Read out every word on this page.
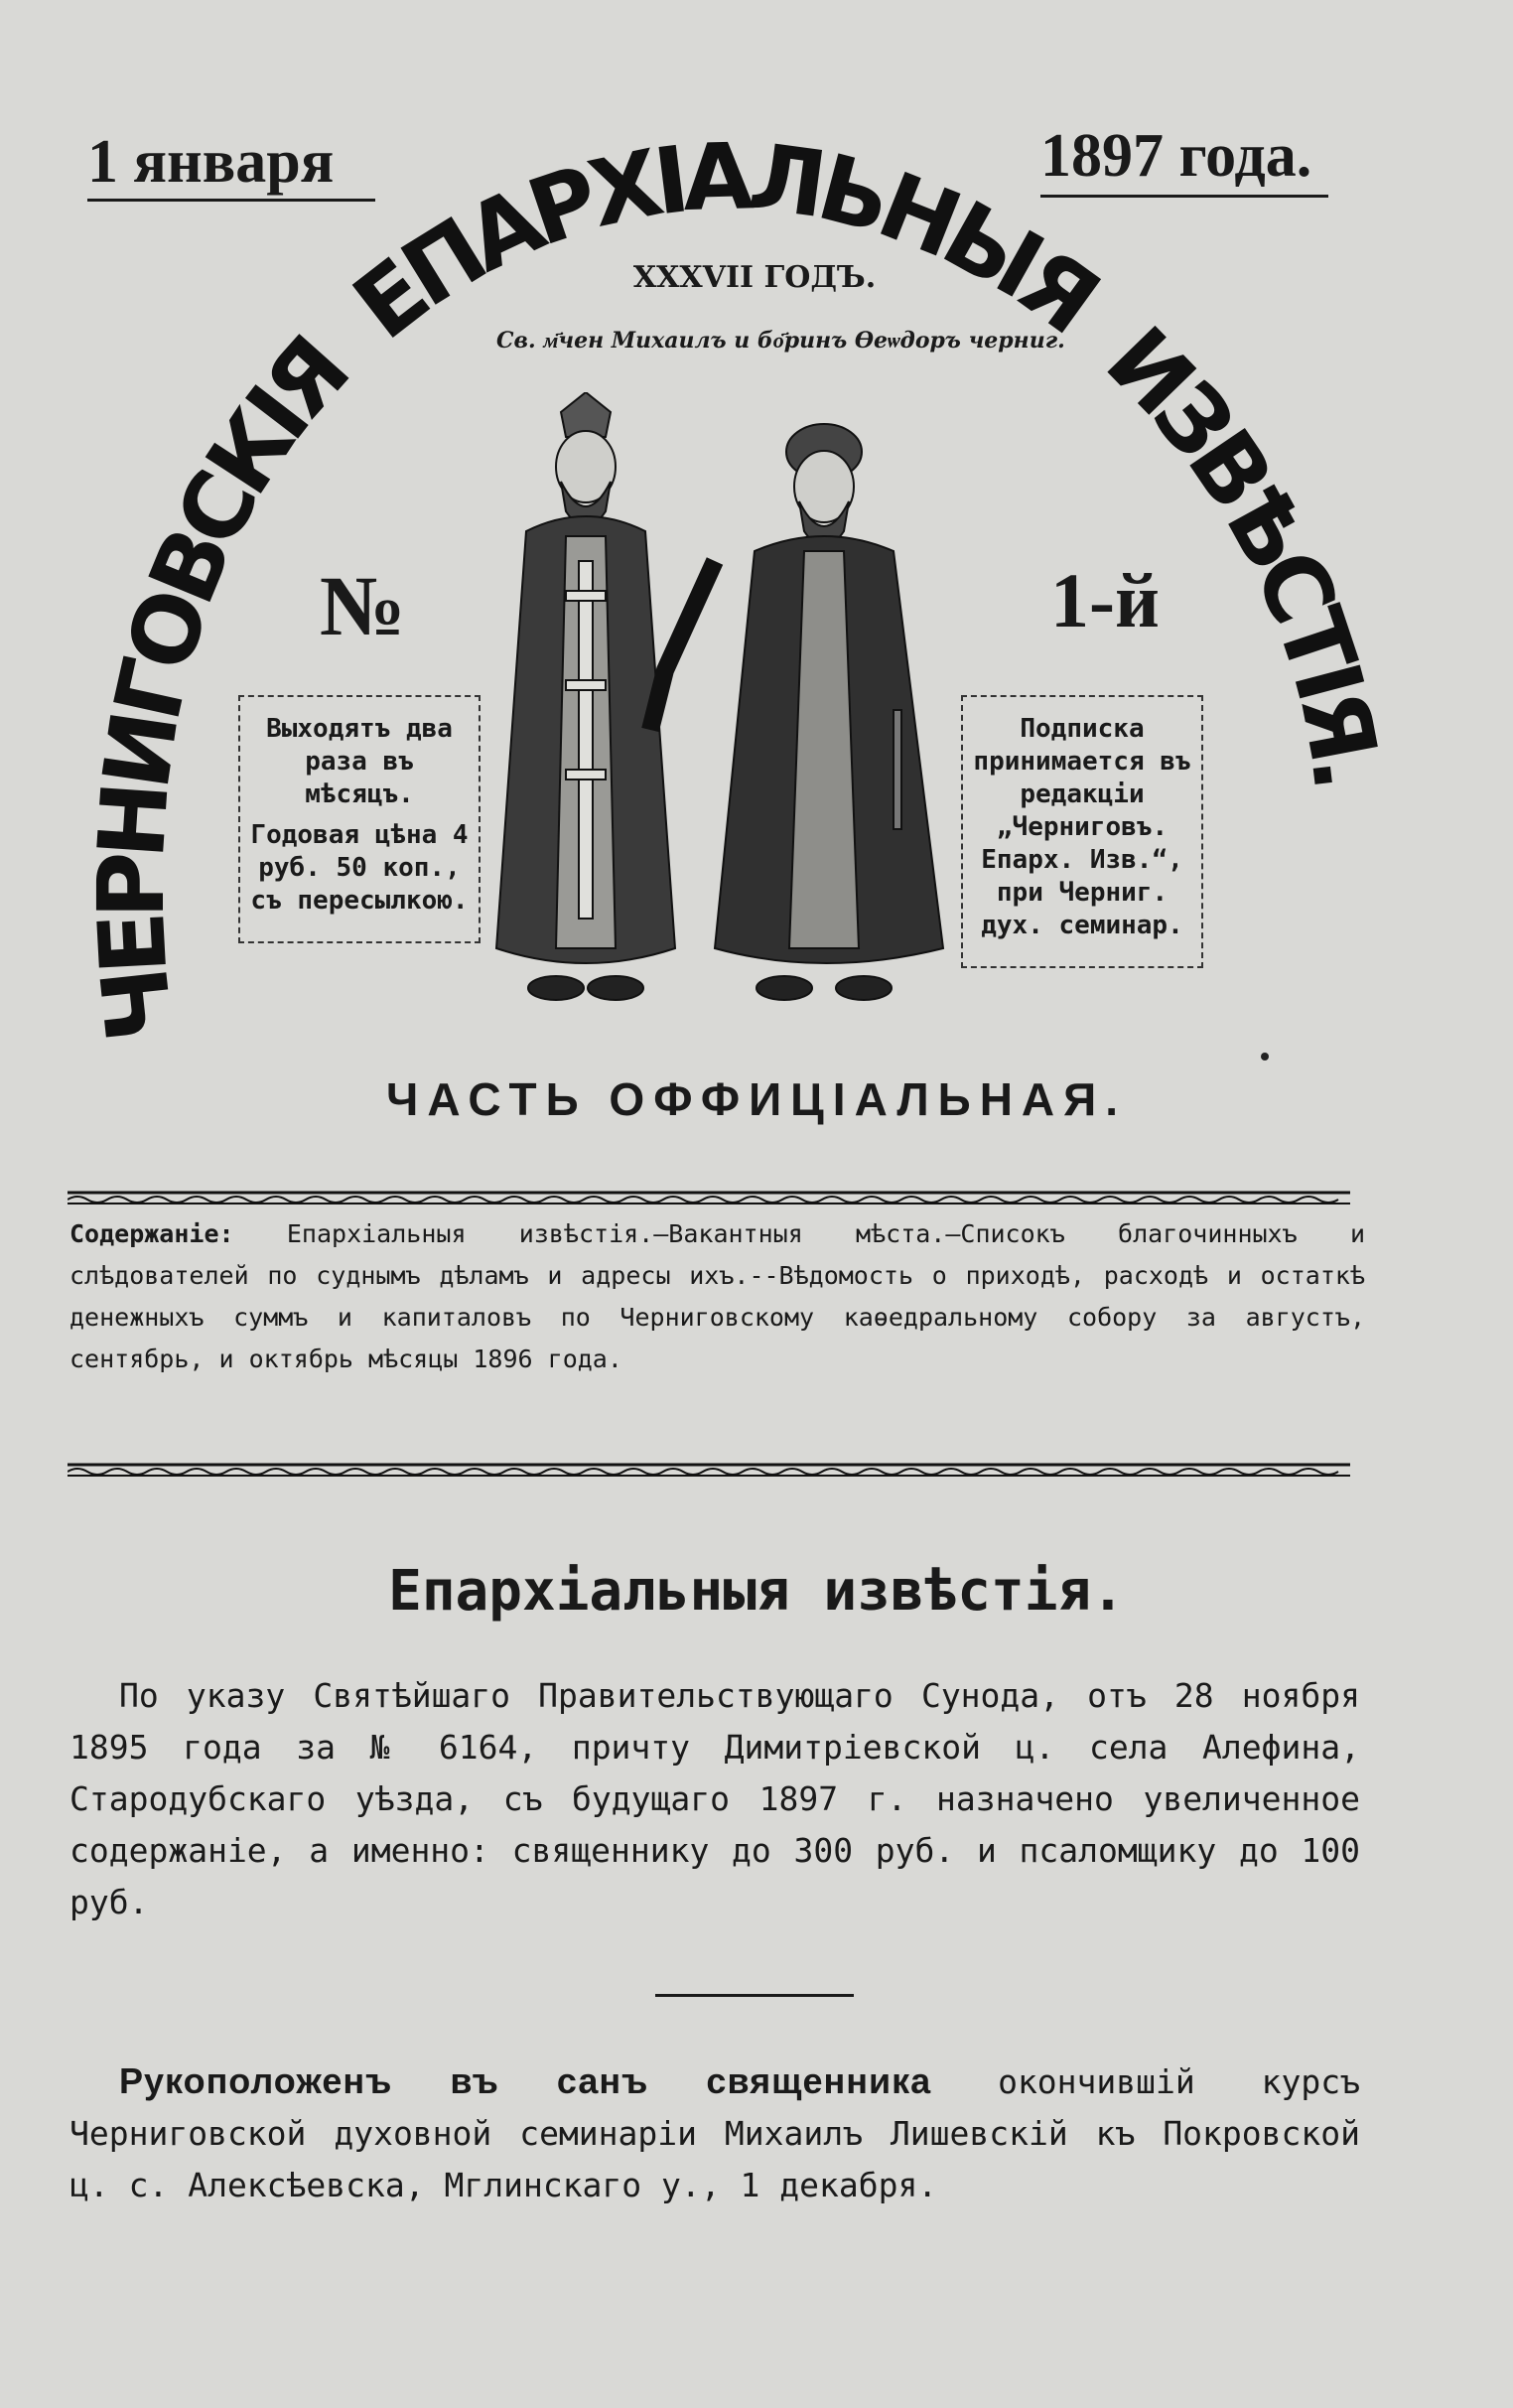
1 января	1897 года.
ЧЕРНИГОВСКІЯ ЕПАРХІАЛЬНЫЯ ИЗВѢСТІЯ.
XXXVII ГОДЪ.
Св. м҃чен Михаилъ и бо҃ринъ Ѳеѡдоръ черниг.
№	1-й

Выходятъ два раза въ мѣсяцъ.

Годовая цѣна 4 руб. 50 коп., съ пересылкою.

Подписка принимается въ редакціи „Черниговъ. Епарх. Изв.“, при Черниг. дух. семинар.

ЧАСТЬ ОФФИЦІАЛЬНАЯ.

Содержаніе: Епархіальныя извѣстія.—Вакантныя мѣста.—Списокъ благочинныхъ и слѣдователей по суднымъ дѣламъ и адресы ихъ.--Вѣдомость о приходѣ, расходѣ и остаткѣ денежныхъ суммъ и капиталовъ по Черниговскому каѳедральному собору за августъ, сентябрь, и октябрь мѣсяцы 1896 года.

Епархіальныя извѣстія.

По указу Святѣйшаго Правительствующаго Сунода, отъ 28 ноября 1895 года за № 6164, причту Димитріевской ц. села Алефина, Стародубскаго уѣзда, съ будущаго 1897 г. назначено увеличенное содержаніе, а именно: священнику до 300 руб. и псаломщику до 100 руб.

Рукоположенъ въ санъ священника окончившій курсъ Черниговской духовной семинаріи Михаилъ Лишевскій къ Покровской ц. с. Алексѣевска, Мглинскаго у., 1 декабря.
